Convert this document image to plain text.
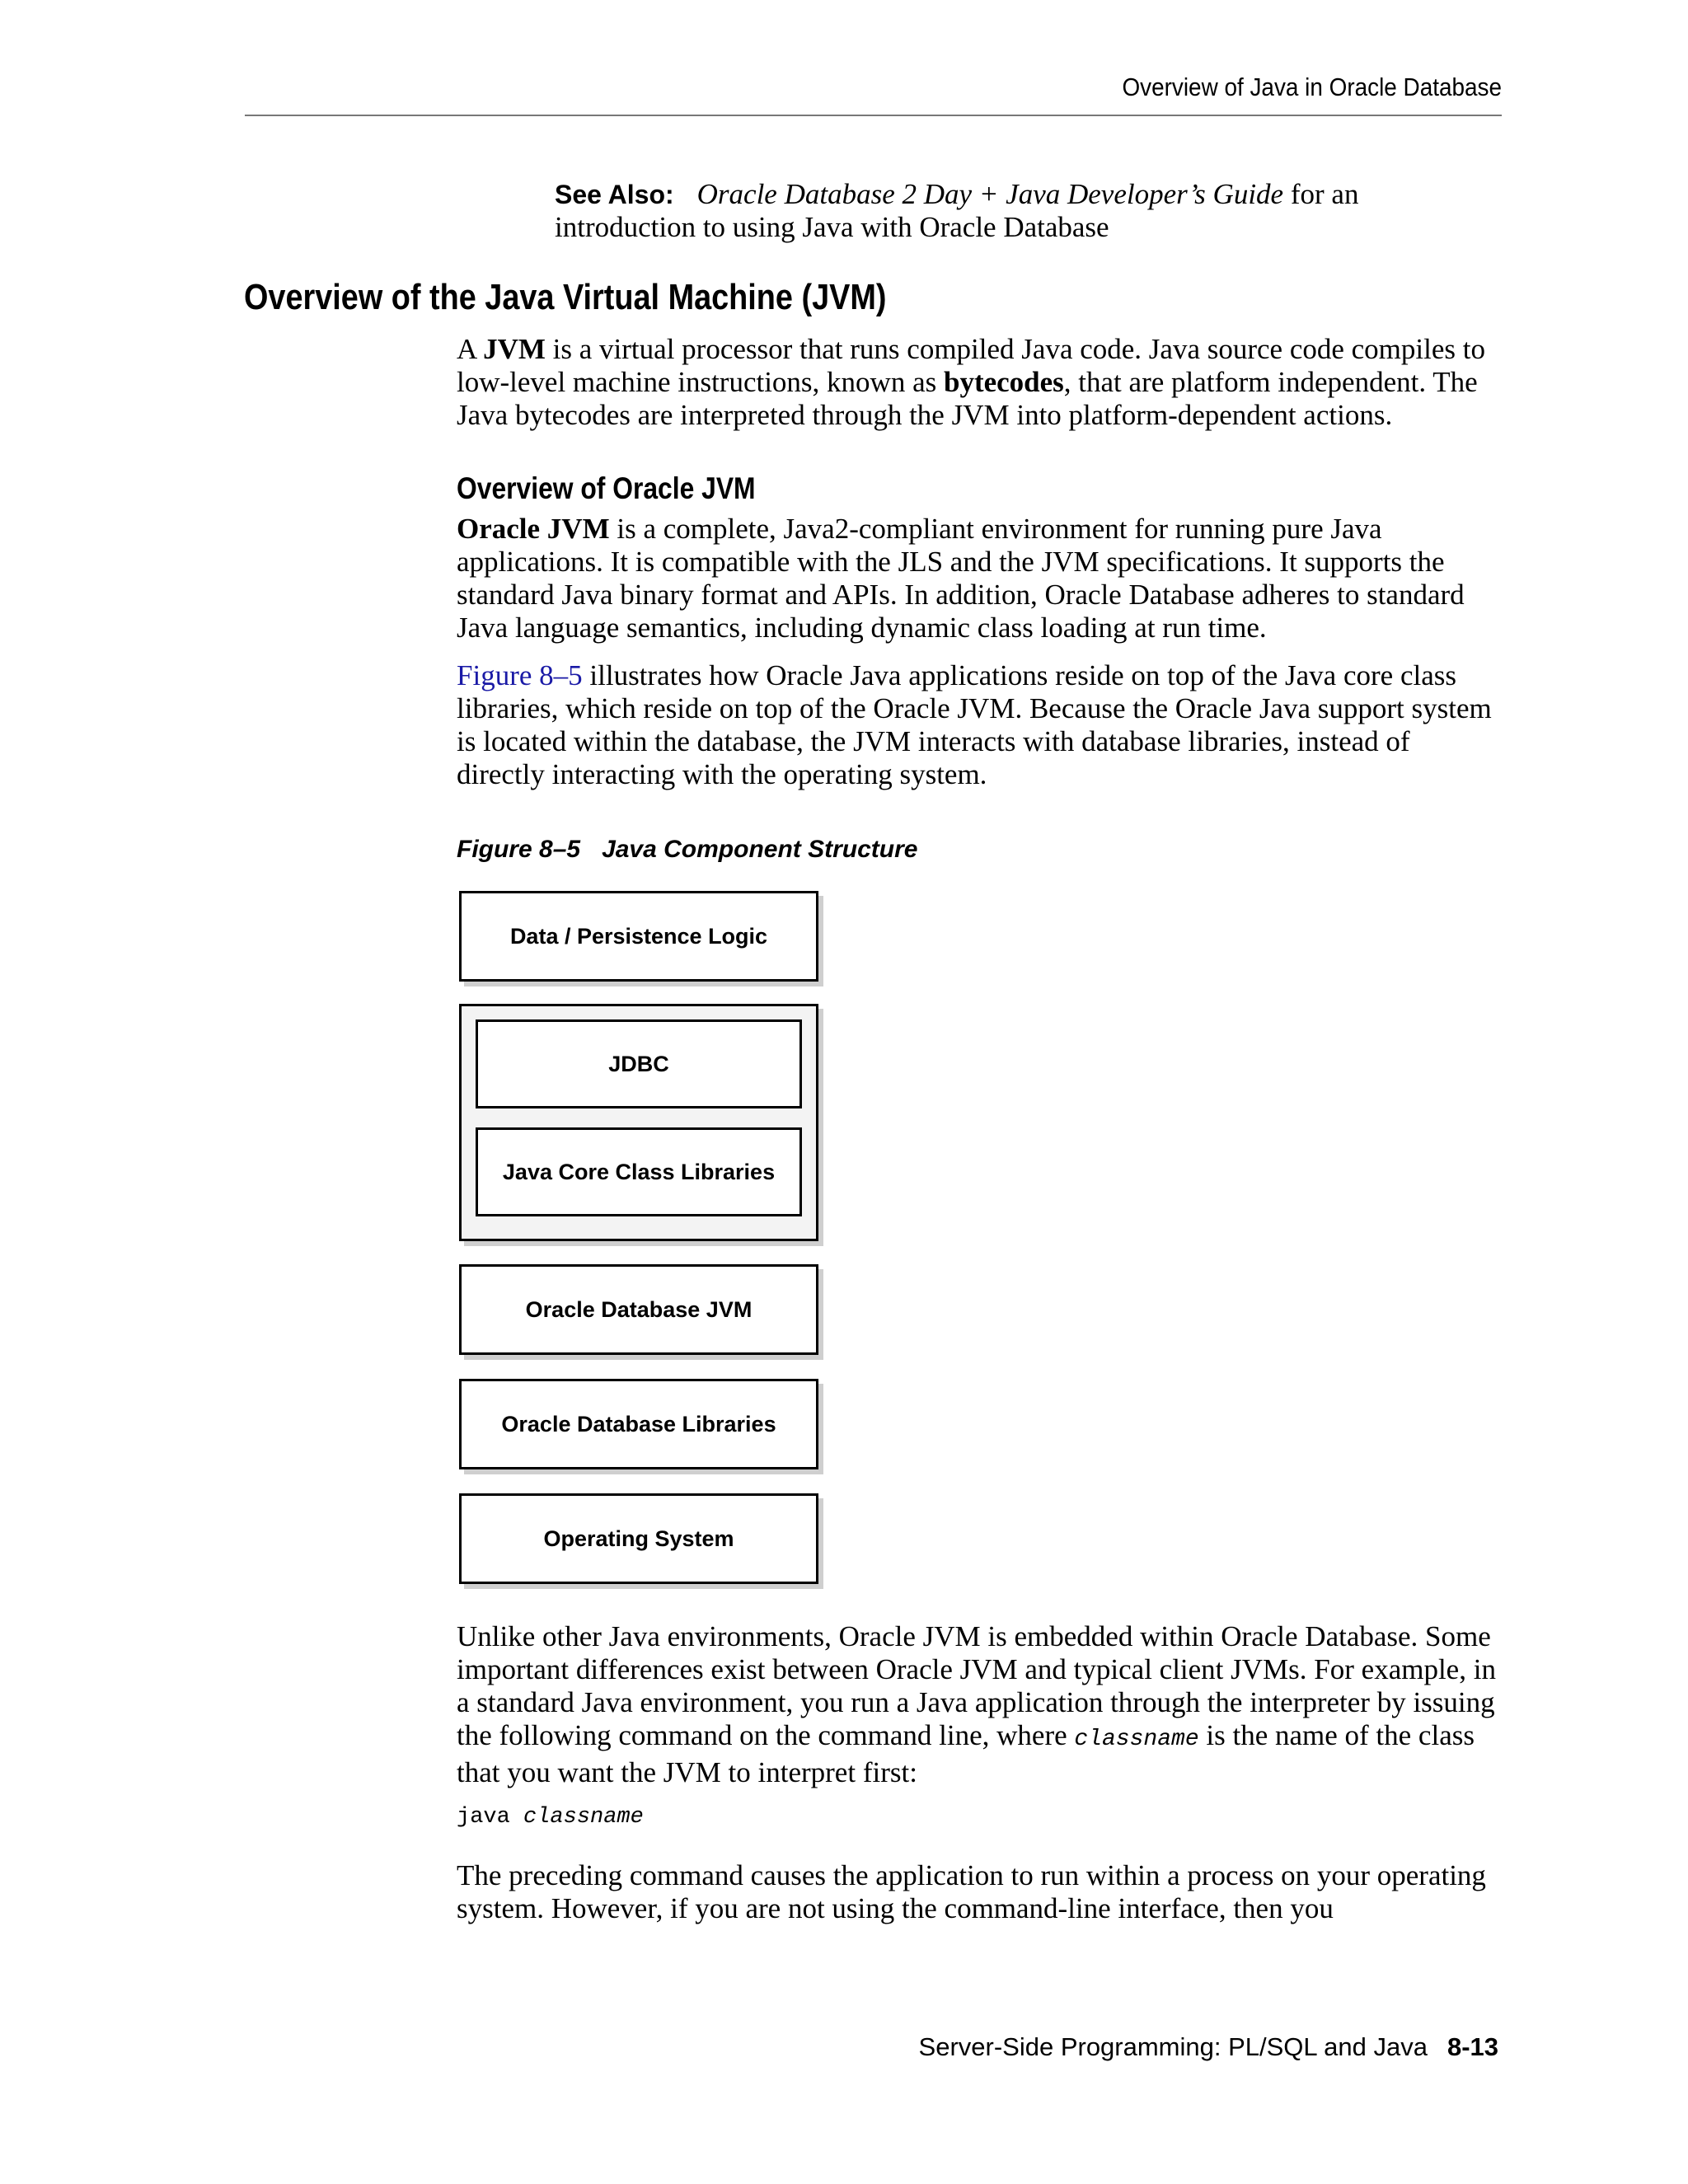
Overview of Java in Oracle Database
See Also: Oracle Database 2 Day + Java Developer’s Guide for an
introduction to using Java with Oracle Database
Overview of the Java Virtual Machine (JVM)
A JVM is a virtual processor that runs compiled Java code. Java source code compiles to low-level machine instructions, known as bytecodes, that are platform independent. The Java bytecodes are interpreted through the JVM into platform-dependent actions.
Overview of Oracle JVM
Oracle JVM is a complete, Java2-compliant environment for running pure Java applications. It is compatible with the JLS and the JVM specifications. It supports the standard Java binary format and APIs. In addition, Oracle Database adheres to standard Java language semantics, including dynamic class loading at run time.
Figure 8–5 illustrates how Oracle Java applications reside on top of the Java core class libraries, which reside on top of the Oracle JVM. Because the Oracle Java support system is located within the database, the JVM interacts with database libraries, instead of directly interacting with the operating system.
Figure 8–5 Java Component Structure
Data / Persistence Logic
JDBC
Java Core Class Libraries
Oracle Database JVM
Oracle Database Libraries
Operating System
Unlike other Java environments, Oracle JVM is embedded within Oracle Database. Some important differences exist between Oracle JVM and typical client JVMs. For example, in a standard Java environment, you run a Java application through the interpreter by issuing the following command on the command line, where classname is the name of the class that you want the JVM to interpret first:
java classname
The preceding command causes the application to run within a process on your operating system. However, if you are not using the command-line interface, then you
Server-Side Programming: PL/SQL and Java 8-13
